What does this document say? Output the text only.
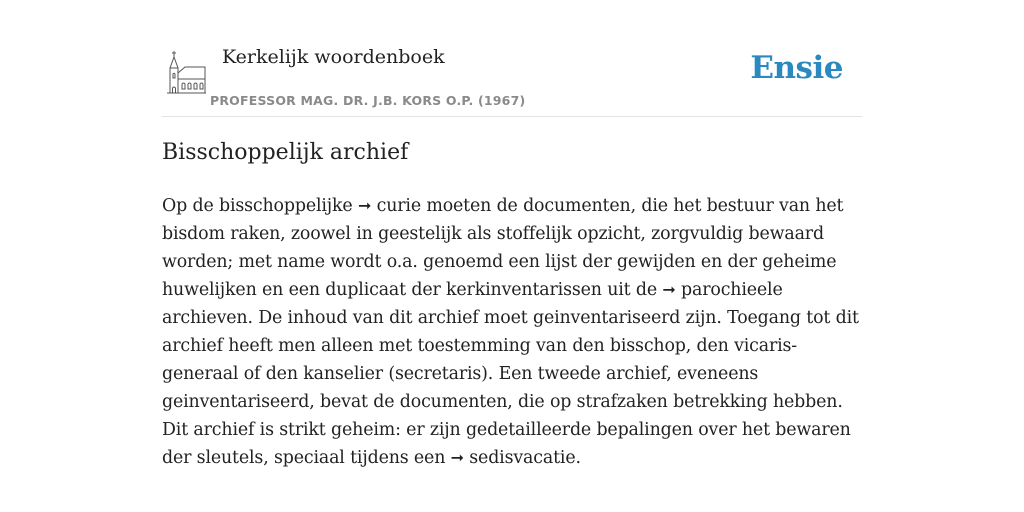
Kerkelijk woordenboek
PROFESSOR MAG. DR. J.B. KORS O.P. (1967)
Ensie
Bisschoppelijk archief

Op de bisschoppelijke ➞ curie moeten de documenten, die het bestuur van het bisdom raken, zoowel in geestelijk als stoffelijk opzicht, zorgvuldig bewaard worden; met name wordt o.a. genoemd een lijst der gewijden en der geheime huwelijken en een duplicaat der kerkinventarissen uit de ➞ parochieele archieven. De inhoud van dit archief moet geinventariseerd zijn. Toegang tot dit archief heeft men alleen met toestemming van den bisschop, den vicaris-generaal of den kanselier (secretaris). Een tweede archief, eveneens geinventariseerd, bevat de documenten, die op strafzaken betrekking hebben. Dit archief is strikt geheim: er zijn gedetailleerde bepalingen over het bewaren der sleutels, speciaal tijdens een ➞ sedisvacatie.
